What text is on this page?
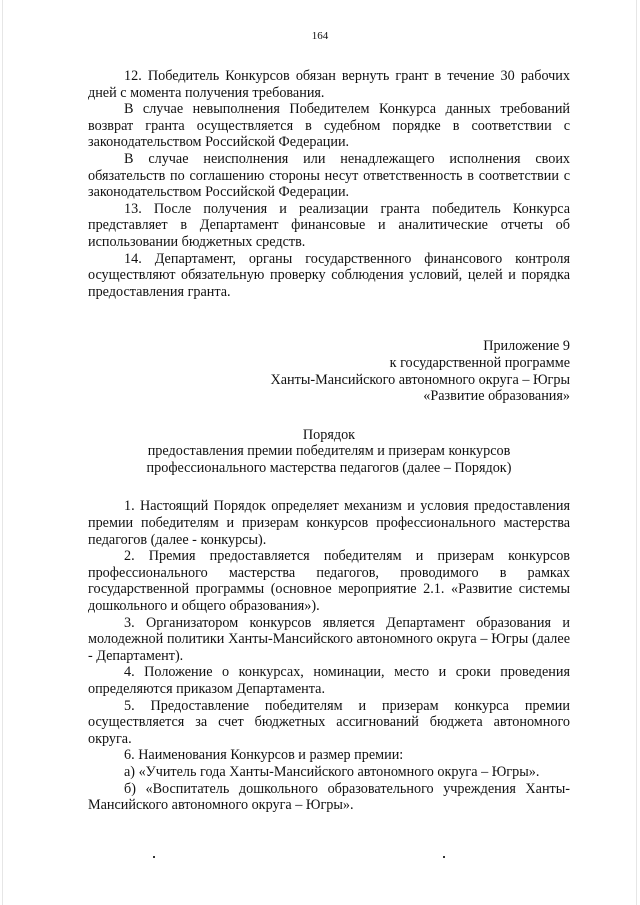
164

12. Победитель Конкурсов обязан вернуть грант в течение 30 рабочих дней с момента получения требования.

В случае невыполнения Победителем Конкурса данных требований возврат гранта осуществляется в судебном порядке в соответствии с законодательством Российской Федерации.

В случае неисполнения или ненадлежащего исполнения своих обязательств по соглашению стороны несут ответственность в соответствии с законодательством Российской Федерации.

13. После получения и реализации гранта победитель Конкурса представляет в Департамент финансовые и аналитические отчеты об использовании бюджетных средств.

14. Департамент, органы государственного финансового контроля осуществляют обязательную проверку соблюдения условий, целей и порядка предоставления гранта.

Приложение 9

к государственной программе

Ханты-Мансийского автономного округа – Югры

«Развитие образования»

Порядок

предоставления премии победителям и призерам конкурсов

профессионального мастерства педагогов (далее – Порядок)

1. Настоящий Порядок определяет механизм и условия предоставления премии победителям и призерам конкурсов профессионального мастерства педагогов (далее - конкурсы).

2. Премия предоставляется победителям и призерам конкурсов профессионального мастерства педагогов, проводимого в рамках государственной программы (основное мероприятие 2.1. «Развитие системы дошкольного и общего образования»).

3. Организатором конкурсов является Департамент образования и молодежной политики Ханты-Мансийского автономного округа – Югры (далее - Департамент).

4. Положение о конкурсах, номинации, место и сроки проведения определяются приказом Департамента.

5. Предоставление победителям и призерам конкурса премии осуществляется за счет бюджетных ассигнований бюджета автономного округа.

6. Наименования Конкурсов и размер премии:

а) «Учитель года Ханты-Мансийского автономного округа – Югры».

б) «Воспитатель дошкольного образовательного учреждения Ханты-Мансийского автономного округа – Югры».
